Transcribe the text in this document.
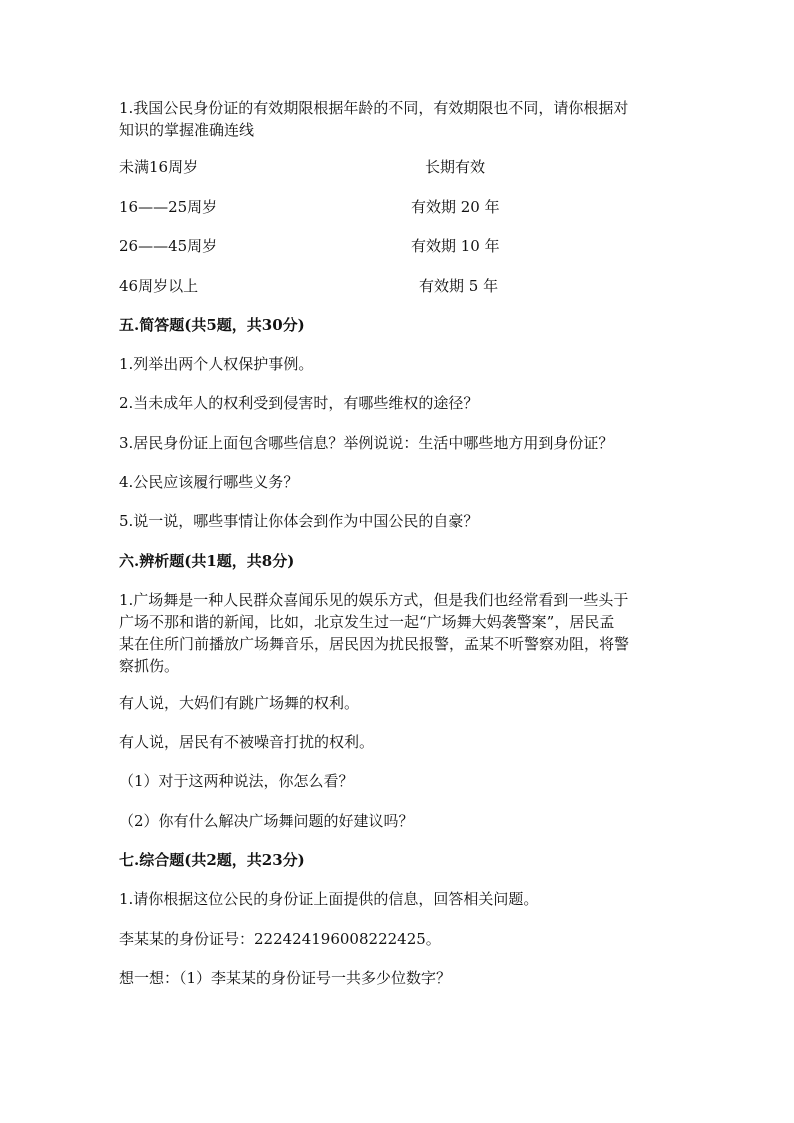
1.我国公民身份证的有效期限根据年龄的不同，有效期限也不同，请你根据对
知识的掌握准确连线
未满16周岁	长期有效
16——25周岁	有效期 20 年
26——45周岁	有效期 10 年
46周岁以上	有效期 5 年
五.简答题(共5题，共30分)
1.列举出两个人权保护事例。
2.当未成年人的权利受到侵害时，有哪些维权的途径？
3.居民身份证上面包含哪些信息？举例说说：生活中哪些地方用到身份证？
4.公民应该履行哪些义务？
5.说一说，哪些事情让你体会到作为中国公民的自豪？
六.辨析题(共1题，共8分)
1.广场舞是一种人民群众喜闻乐见的娱乐方式，但是我们也经常看到一些头于
广场不那和谐的新闻，比如，北京发生过一起“广场舞大妈袭警案”，居民孟
某在住所门前播放广场舞音乐，居民因为扰民报警，孟某不听警察劝阻，将警
察抓伤。
有人说，大妈们有跳广场舞的权利。
有人说，居民有不被噪音打扰的权利。
（1）对于这两种说法，你怎么看？
（2）你有什么解决广场舞问题的好建议吗？
七.综合题(共2题，共23分)
1.请你根据这位公民的身份证上面提供的信息，回答相关问题。
李某某的身份证号：222424196008222425。
想一想：（1）李某某的身份证号一共多少位数字？
